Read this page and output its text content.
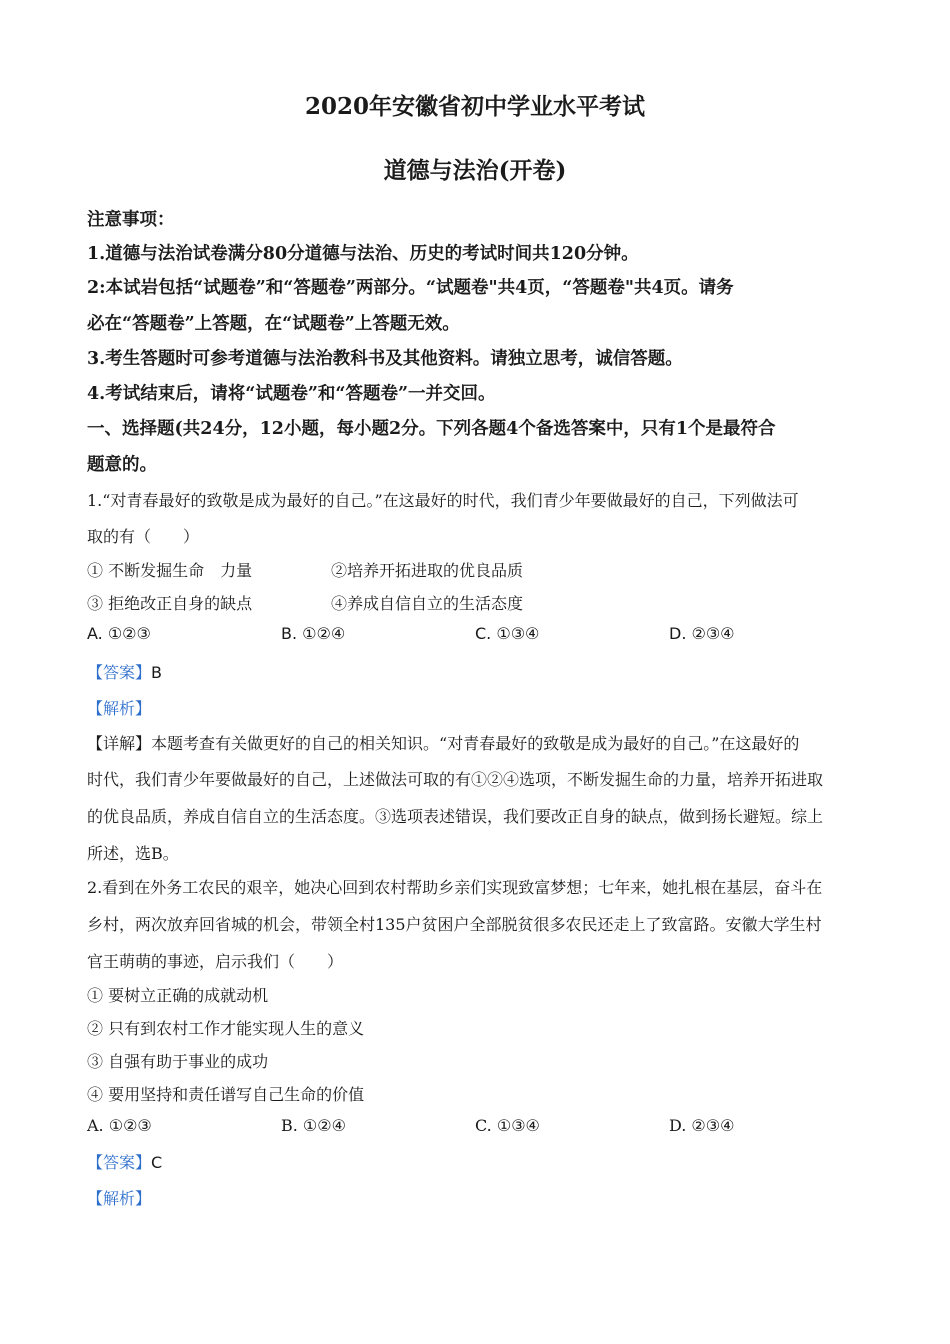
2020年安徽省初中学业水平考试
道德与法治(开卷)
注意事项：
1.道德与法治试卷满分80分道德与法治、历史的考试时间共120分钟。
2:本试岩包括“试题卷”和“答题卷”两部分。“试题卷"共4页，“答题卷"共4页。请务
必在“答题卷”上答题，在“试题卷”上答题无效。
3.考生答题时可参考道德与法治教科书及其他资料。请独立思考，诚信答题。
4.考试结束后，请将“试题卷”和“答题卷”一并交回。
一、选择题(共24分，12小题，每小题2分。下列各题4个备选答案中，只有1个是最符合
题意的。
1.“对青春最好的致敬是成为最好的自己。”在这最好的时代，我们青少年要做最好的自己，下列做法可
取的有（　　）
① 不断发掘生命　力量	②培养开拓进取的优良品质
③ 拒绝改正自身的缺点	④养成自信自立的生活态度
A. ①②③	B. ①②④	C. ①③④	D. ②③④
【答案】B
【解析】
【详解】本题考查有关做更好的自己的相关知识。“对青春最好的致敬是成为最好的自己。”在这最好的
时代，我们青少年要做最好的自己，上述做法可取的有①②④选项，不断发掘生命的力量，培养开拓进取
的优良品质，养成自信自立的生活态度。③选项表述错误，我们要改正自身的缺点，做到扬长避短。综上
所述，选B。
2.看到在外务工农民的艰辛，她决心回到农村帮助乡亲们实现致富梦想；七年来，她扎根在基层，奋斗在
乡村，两次放弃回省城的机会，带领全村135户贫困户全部脱贫很多农民还走上了致富路。安徽大学生村
官王萌萌的事迹，启示我们（　　）
① 要树立正确的成就动机
② 只有到农村工作才能实现人生的意义
③ 自强有助于事业的成功
④ 要用坚持和责任谱写自己生命的价值
A. ①②③	B. ①②④	C. ①③④	D. ②③④
【答案】C
【解析】
